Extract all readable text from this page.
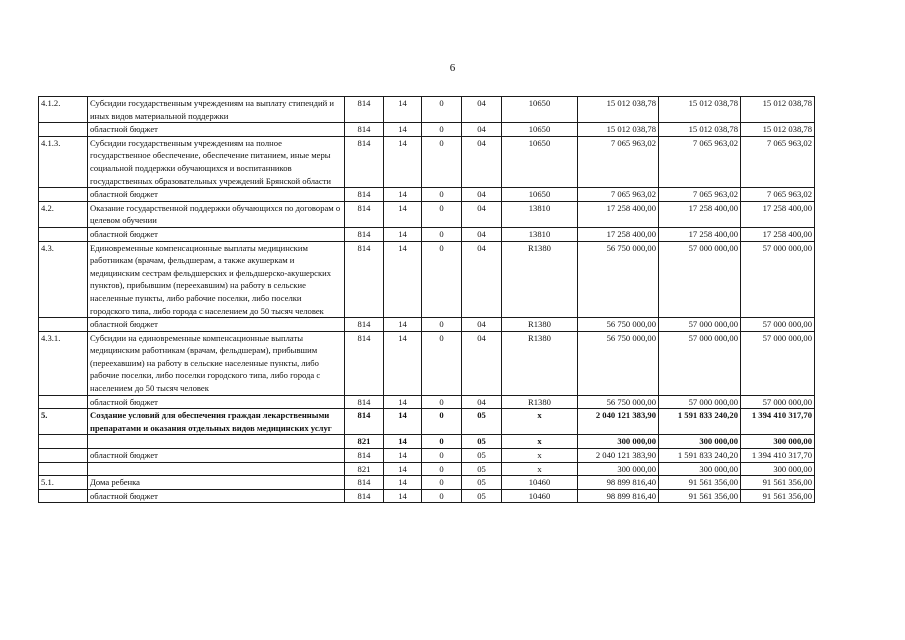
6
4.1.2.	Субсидии государственным учреждениям на выплату стипендий и иных видов материальной поддержки	814	14	0	04	10650	15 012 038,78	15 012 038,78	15 012 038,78
	областной бюджет	814	14	0	04	10650	15 012 038,78	15 012 038,78	15 012 038,78
4.1.3.	Субсидии государственным учреждениям на полное государственное обеспечение, обеспечение питанием, иные меры социальной поддержки обучающихся и воспитанников государственных образовательных учреждений Брянской области	814	14	0	04	10650	7 065 963,02	7 065 963,02	7 065 963,02
	областной бюджет	814	14	0	04	10650	7 065 963,02	7 065 963,02	7 065 963,02
4.2.	Оказание государственной поддержки обучающихся по договорам о целевом обучении	814	14	0	04	13810	17 258 400,00	17 258 400,00	17 258 400,00
	областной бюджет	814	14	0	04	13810	17 258 400,00	17 258 400,00	17 258 400,00
4.3.	Единовременные компенсационные выплаты медицинским работникам (врачам, фельдшерам, а также акушеркам и медицинским сестрам фельдшерских и фельдшерско-акушерских пунктов), прибывшим (переехавшим) на работу в сельские населенные пункты, либо рабочие поселки, либо поселки городского типа, либо города с населением до 50 тысяч человек	814	14	0	04	R1380	56 750 000,00	57 000 000,00	57 000 000,00
	областной бюджет	814	14	0	04	R1380	56 750 000,00	57 000 000,00	57 000 000,00
4.3.1.	Субсидии на единовременные компенсационные выплаты медицинским работникам (врачам, фельдшерам), прибывшим (переехавшим) на работу в сельские населенные пункты, либо рабочие поселки, либо поселки городского типа, либо города с населением до 50 тысяч человек	814	14	0	04	R1380	56 750 000,00	57 000 000,00	57 000 000,00
	областной бюджет	814	14	0	04	R1380	56 750 000,00	57 000 000,00	57 000 000,00
5.	Создание условий для обеспечения граждан лекарственными препаратами и оказания отдельных видов медицинских услуг	814	14	0	05	х	2 040 121 383,90	1 591 833 240,20	1 394 410 317,70
		821	14	0	05	х	300 000,00	300 000,00	300 000,00
	областной бюджет	814	14	0	05	х	2 040 121 383,90	1 591 833 240,20	1 394 410 317,70
		821	14	0	05	х	300 000,00	300 000,00	300 000,00
5.1.	Дома ребенка	814	14	0	05	10460	98 899 816,40	91 561 356,00	91 561 356,00
	областной бюджет	814	14	0	05	10460	98 899 816,40	91 561 356,00	91 561 356,00
